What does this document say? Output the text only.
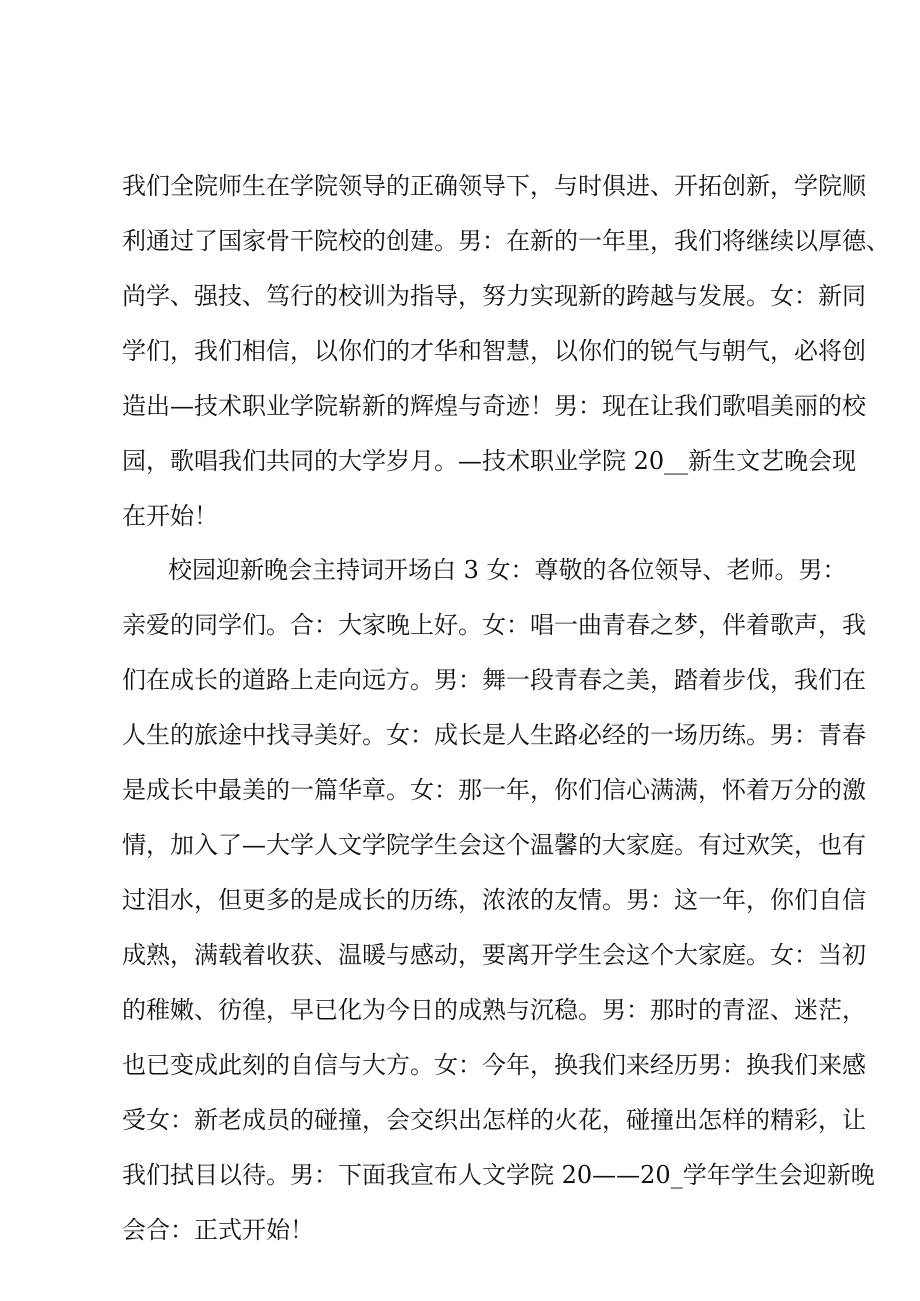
我们全院师生在学院领导的正确领导下，与时俱进、开拓创新，学院顺
利通过了国家骨干院校的创建。男：在新的一年里，我们将继续以厚德、
尚学、强技、笃行的校训为指导，努力实现新的跨越与发展。女：新同
学们，我们相信，以你们的才华和智慧，以你们的锐气与朝气，必将创
造出—技术职业学院崭新的辉煌与奇迹！男：现在让我们歌唱美丽的校
园，歌唱我们共同的大学岁月。—技术职业学院 20__新生文艺晚会现
在开始！
校园迎新晚会主持词开场白 3 女：尊敬的各位领导、老师。男：
亲爱的同学们。合：大家晚上好。女：唱一曲青春之梦，伴着歌声，我
们在成长的道路上走向远方。男：舞一段青春之美，踏着步伐，我们在
人生的旅途中找寻美好。女：成长是人生路必经的一场历练。男：青春
是成长中最美的一篇华章。女：那一年，你们信心满满，怀着万分的激
情，加入了—大学人文学院学生会这个温馨的大家庭。有过欢笑，也有
过泪水，但更多的是成长的历练，浓浓的友情。男：这一年，你们自信
成熟，满载着收获、温暖与感动，要离开学生会这个大家庭。女：当初
的稚嫩、彷徨，早已化为今日的成熟与沉稳。男：那时的青涩、迷茫，
也已变成此刻的自信与大方。女：今年，换我们来经历男：换我们来感
受女：新老成员的碰撞，会交织出怎样的火花，碰撞出怎样的精彩，让
我们拭目以待。男：下面我宣布人文学院 20——20_学年学生会迎新晚
会合：正式开始！
